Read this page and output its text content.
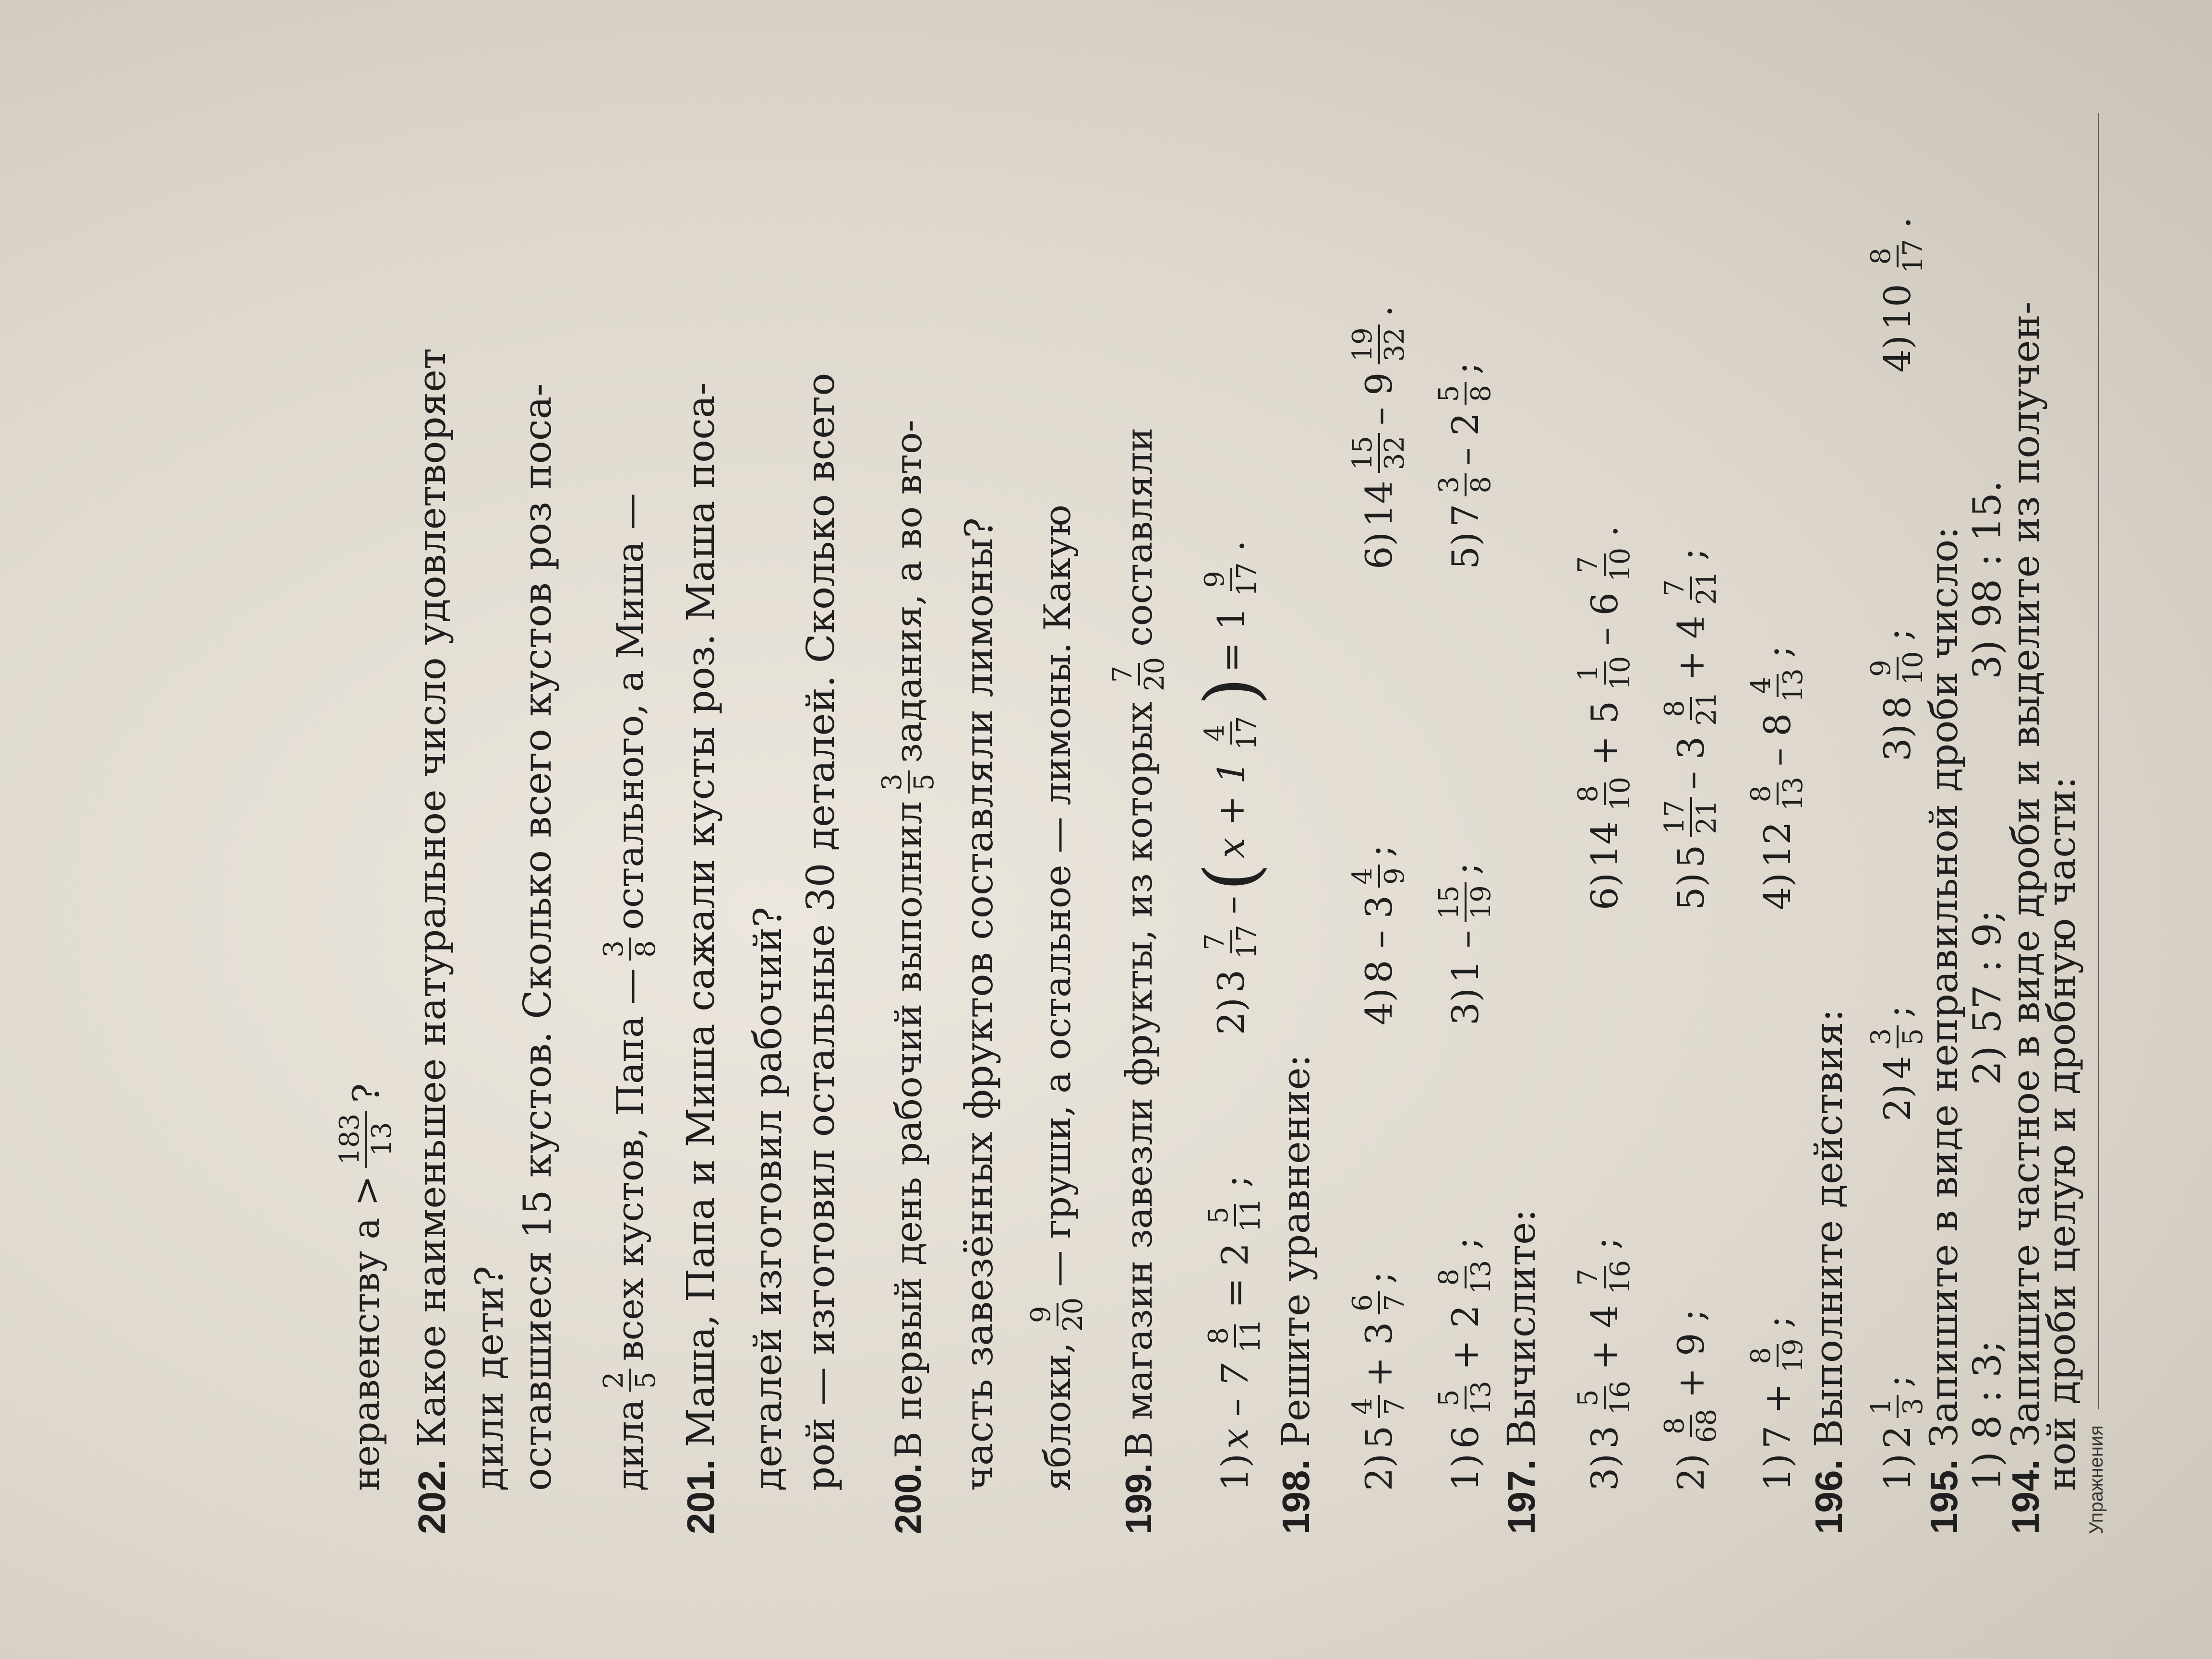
Упражнения
194. Запишите частное в виде дроби и выделите из получен-
ной дроби целую и дробную части:
1) 8 : 3; 2) 57 : 9; 3) 98 : 15.
195. Запишите в виде неправильной дроби число:
1)
2
1 3
;
2)
4
3 5
;
3)
8
9 10
;
4)
10
8 17
.
196. Выполните действия:
1)
7 +
8 19
;
4)
12
8 13
– 8
4 13
;
2)
8 68
+ 9 ;
5)
5
17 21
– 3
8 21
+ 4
7 21
;
3)
3
5 16
+ 4
7 16
;
6)
14
8 10
+ 5
1 10
– 6
7 10
.
197. Вычислите:
1)
6
5 13
+ 2
8 13
;
3)
1 –
15 19
;
5)
7
3 8
– 2
5 8
;
2)
5
4 7
+ 3
6 7
;
4)
8 – 3
4 9
;
6)
14
15 32
– 9
19 32
.
198. Решите уравнение:
1)
x – 7
8 11
= 2
5 11
;
2)
3
7 17
–
(
x + 1
4 17
)
= 1
9 17
.
199.
В магазин завезли фрукты, из которых
7 20
составляли
яблоки,
9 20
— груши, а остальное — лимоны. Какую
часть завезённых фруктов составляли лимоны?
200.
В первый день рабочий выполнил
3 5
задания, а во вто-
рой — изготовил остальные 30 деталей. Сколько всего
деталей изготовил рабочий?
201. Маша, Папа и Миша сажали кусты роз. Маша поса-
дила
2 5
всех кустов, Папа —
3 8
остального, а Миша —
оставшиеся 15 кустов. Сколько всего кустов роз поса-
дили дети?
202. Какое наименьшее натуральное число удовлетворяет
неравенству a >
183 13
?
